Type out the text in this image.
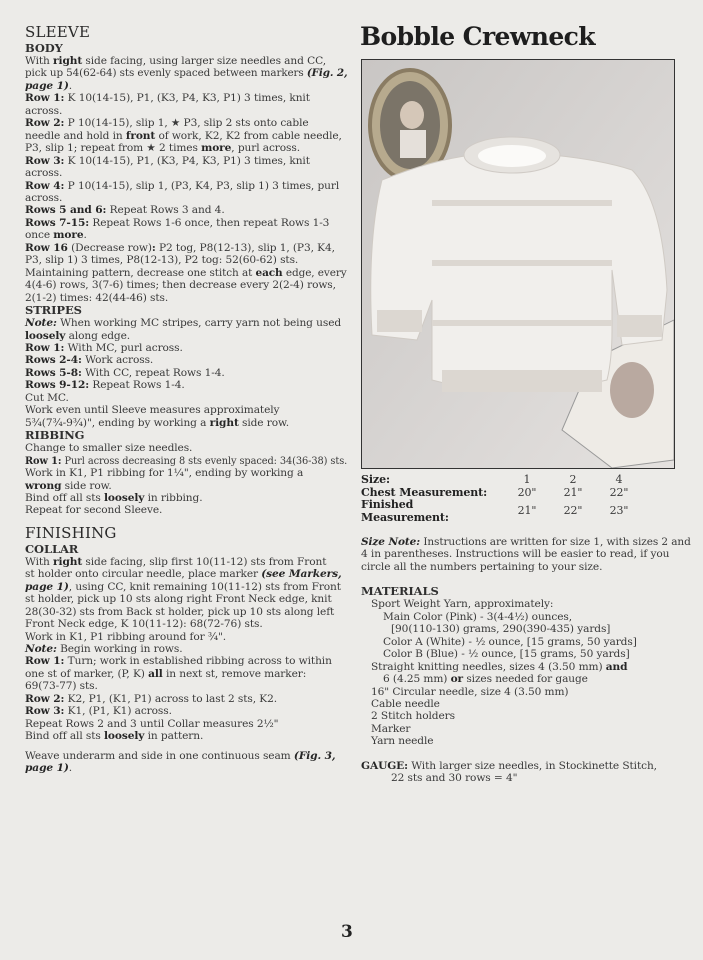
SLEEVE
BODY
With right side facing, using larger size needles and CC,
pick up 54(62-64) sts evenly spaced between markers (Fig. 2,
page 1).
Row 1: K 10(14-15), P1, (K3, P4, K3, P1) 3 times, knit
across.
Row 2: P 10(14-15), slip 1, ★ P3, slip 2 sts onto cable
needle and hold in front of work, K2, K2 from cable needle,
P3, slip 1; repeat from ★ 2 times more, purl across.
Row 3: K 10(14-15), P1, (K3, P4, K3, P1) 3 times, knit
across.
Row 4: P 10(14-15), slip 1, (P3, K4, P3, slip 1) 3 times, purl
across.
Rows 5 and 6: Repeat Rows 3 and 4.
Rows 7-15: Repeat Rows 1-6 once, then repeat Rows 1-3
once more.
Row 16 (Decrease row): P2 tog, P8(12-13), slip 1, (P3, K4,
P3, slip 1) 3 times, P8(12-13), P2 tog: 52(60-62) sts.
Maintaining pattern, decrease one stitch at each edge, every
4(4-6) rows, 3(7-6) times; then decrease every 2(2-4) rows,
2(1-2) times: 42(44-46) sts.
STRIPES
Note: When working MC stripes, carry yarn not being used
loosely along edge.
Row 1: With MC, purl across.
Rows 2-4: Work across.
Rows 5-8: With CC, repeat Rows 1-4.
Rows 9-12: Repeat Rows 1-4.
Cut MC.
Work even until Sleeve measures approximately
5¾(7¾-9¾)", ending by working a right side row.
RIBBING
Change to smaller size needles.
Row 1: Purl across decreasing 8 sts evenly spaced: 34(36-38) sts.
Work in K1, P1 ribbing for 1¼", ending by working a
wrong side row.
Bind off all sts loosely in ribbing.
Repeat for second Sleeve.
FINISHING
COLLAR
With right side facing, slip first 10(11-12) sts from Front
st holder onto circular needle, place marker (see Markers,
page 1), using CC, knit remaining 10(11-12) sts from Front
st holder, pick up 10 sts along right Front Neck edge, knit
28(30-32) sts from Back st holder, pick up 10 sts along left
Front Neck edge, K 10(11-12): 68(72-76) sts.
Work in K1, P1 ribbing around for ¾".
Note: Begin working in rows.
Row 1: Turn; work in established ribbing across to within
one st of marker, (P, K) all in next st, remove marker:
69(73-77) sts.
Row 2: K2, P1, (K1, P1) across to last 2 sts, K2.
Row 3: K1, (P1, K1) across.
Repeat Rows 2 and 3 until Collar measures 2½"
Bind off all sts loosely in pattern.
Weave underarm and side in one continuous seam (Fig. 3,
page 1).
Bobble Crewneck
Size:	1	2	4
Chest Measurement:	20"	21"	22"
Finished Measurement:	21"	22"	23"
Size Note: Instructions are written for size 1, with sizes 2 and
4 in parentheses. Instructions will be easier to read, if you
circle all the numbers pertaining to your size.
MATERIALS
Sport Weight Yarn, approximately:
Main Color (Pink) - 3(4-4½) ounces,
[90(110-130) grams, 290(390-435) yards]
Color A (White) - ½ ounce, [15 grams, 50 yards]
Color B (Blue) - ½ ounce, [15 grams, 50 yards]
Straight knitting needles, sizes 4 (3.50 mm) and
6 (4.25 mm) or sizes needed for gauge
16" Circular needle, size 4 (3.50 mm)
Cable needle
2 Stitch holders
Marker
Yarn needle
GAUGE: With larger size needles, in Stockinette Stitch,
22 sts and 30 rows = 4"
3
